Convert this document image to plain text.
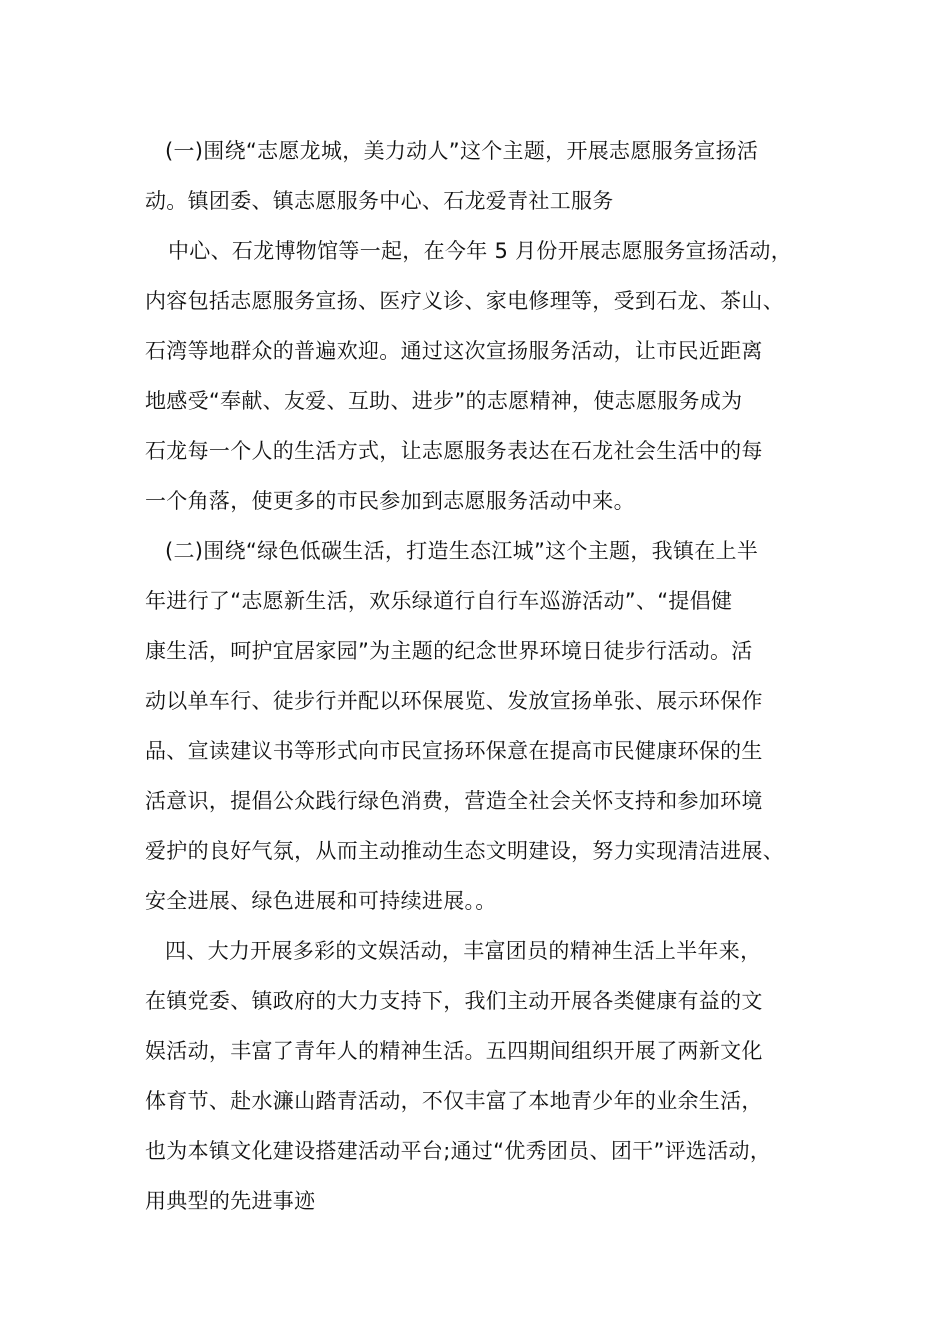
(一)围绕“志愿龙城，美力动人”这个主题，开展志愿服务宣扬活
动。镇团委、镇志愿服务中心、石龙爱青社工服务
中心、石龙博物馆等一起，在今年 5 月份开展志愿服务宣扬活动，
内容包括志愿服务宣扬、医疗义诊、家电修理等，受到石龙、茶山、
石湾等地群众的普遍欢迎。通过这次宣扬服务活动，让市民近距离
地感受“奉献、友爱、互助、进步”的志愿精神，使志愿服务成为
石龙每一个人的生活方式，让志愿服务表达在石龙社会生活中的每
一个角落，使更多的市民参加到志愿服务活动中来。
(二)围绕“绿色低碳生活，打造生态江城”这个主题，我镇在上半
年进行了“志愿新生活，欢乐绿道行自行车巡游活动”、“提倡健
康生活，呵护宜居家园”为主题的纪念世界环境日徒步行活动。活
动以单车行、徒步行并配以环保展览、发放宣扬单张、展示环保作
品、宣读建议书等形式向市民宣扬环保意在提高市民健康环保的生
活意识，提倡公众践行绿色消费，营造全社会关怀支持和参加环境
爱护的良好气氛，从而主动推动生态文明建设，努力实现清洁进展、
安全进展、绿色进展和可持续进展。。
四、大力开展多彩的文娱活动，丰富团员的精神生活上半年来，
在镇党委、镇政府的大力支持下，我们主动开展各类健康有益的文
娱活动，丰富了青年人的精神生活。五四期间组织开展了两新文化
体育节、赴水濂山踏青活动，不仅丰富了本地青少年的业余生活，
也为本镇文化建设搭建活动平台;通过“优秀团员、团干”评选活动，
用典型的先进事迹
